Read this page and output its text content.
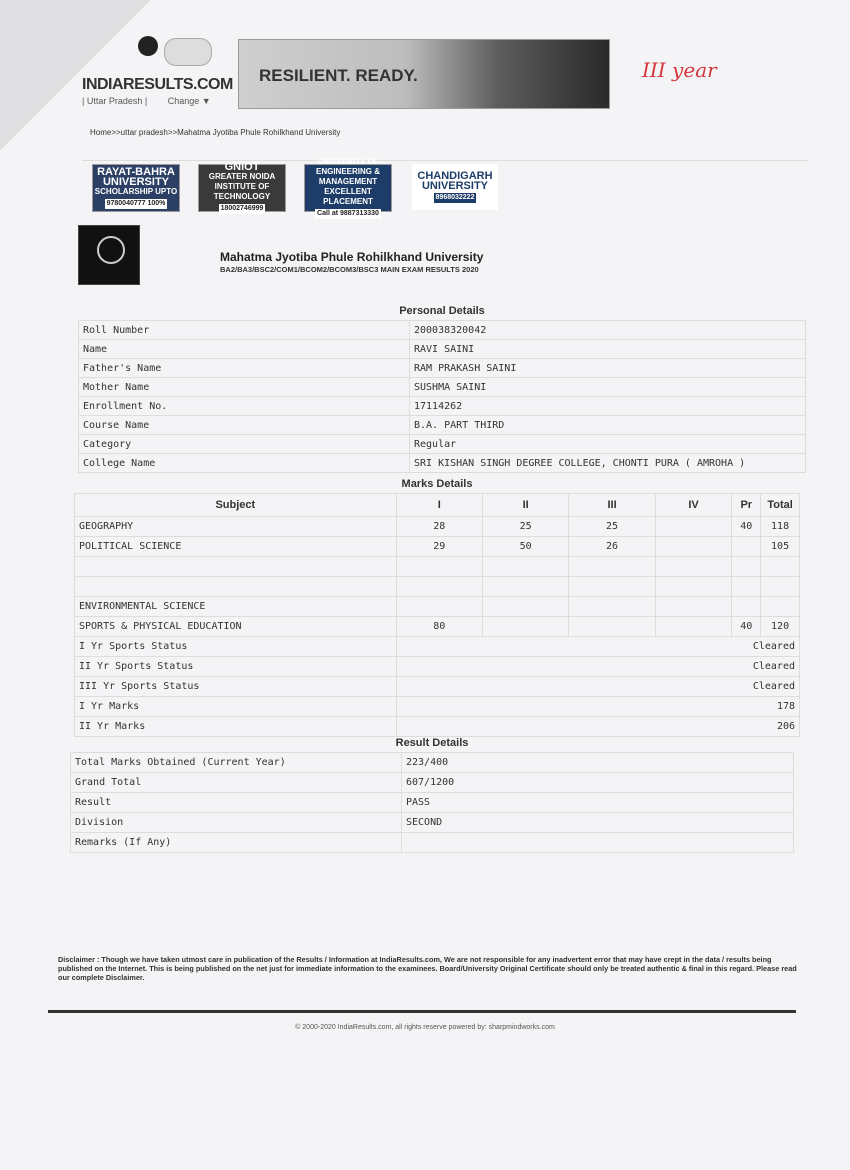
INDIARESULTS.COM
| Uttar Pradesh | Change ▼
RESILIENT. READY.	III year
Home>>uttar pradesh>>Mahatma Jyotiba Phule Rohilkhand University
RAYAT-BAHRA
UNIVERSITY
SCHOLARSHIP UPTO
9780040777 100%
GNIOT
GREATER NOIDA
INSTITUTE OF TECHNOLOGY
18002746999
UNIVERSITY OF
ENGINEERING & MANAGEMENT
EXCELLENT PLACEMENT
Call at 9887313330
CHANDIGARH
UNIVERSITY
8968032222
Mahatma Jyotiba Phule Rohilkhand University
BA2/BA3/BSC2/COM1/BCOM2/BCOM3/BSC3 MAIN EXAM RESULTS 2020
Personal Details	
Roll Number	200038320042
Name	RAVI SAINI
Father's Name	RAM PRAKASH SAINI
Mother Name	SUSHMA SAINI
Enrollment No.	17114262
Course Name	B.A. PART THIRD
Category	Regular
College Name	SRI KISHAN SINGH DEGREE COLLEGE, CHONTI PURA ( AMROHA )
Marks Details						
Subject	I	II	III	IV	Pr	Total
GEOGRAPHY	28	25	25		40	118
POLITICAL SCIENCE	29	50	26			105

ENVIRONMENTAL SCIENCE						
SPORTS & PHYSICAL EDUCATION	80				40	120
I Yr Sports Status	Cleared					
II Yr Sports Status	Cleared					
III Yr Sports Status	Cleared					
I Yr Marks	178					
II Yr Marks	206					
Result Details	
Total Marks Obtained (Current Year)	223/400
Grand Total	607/1200
Result	PASS
Division	SECOND
Remarks (If Any)	
Disclaimer : Though we have taken utmost care in publication of the Results / Information at IndiaResults.com, We are not responsible for any inadvertent error that may have crept in the data / results being published on the Internet. This is being published on the net just for immediate information to the examinees. Board/University Original Certificate should only be treated authentic & final in this regard. Please read our complete Disclaimer.
© 2000-2020 IndiaResults.com, all rights reserve powered by: sharpmindworks.com
